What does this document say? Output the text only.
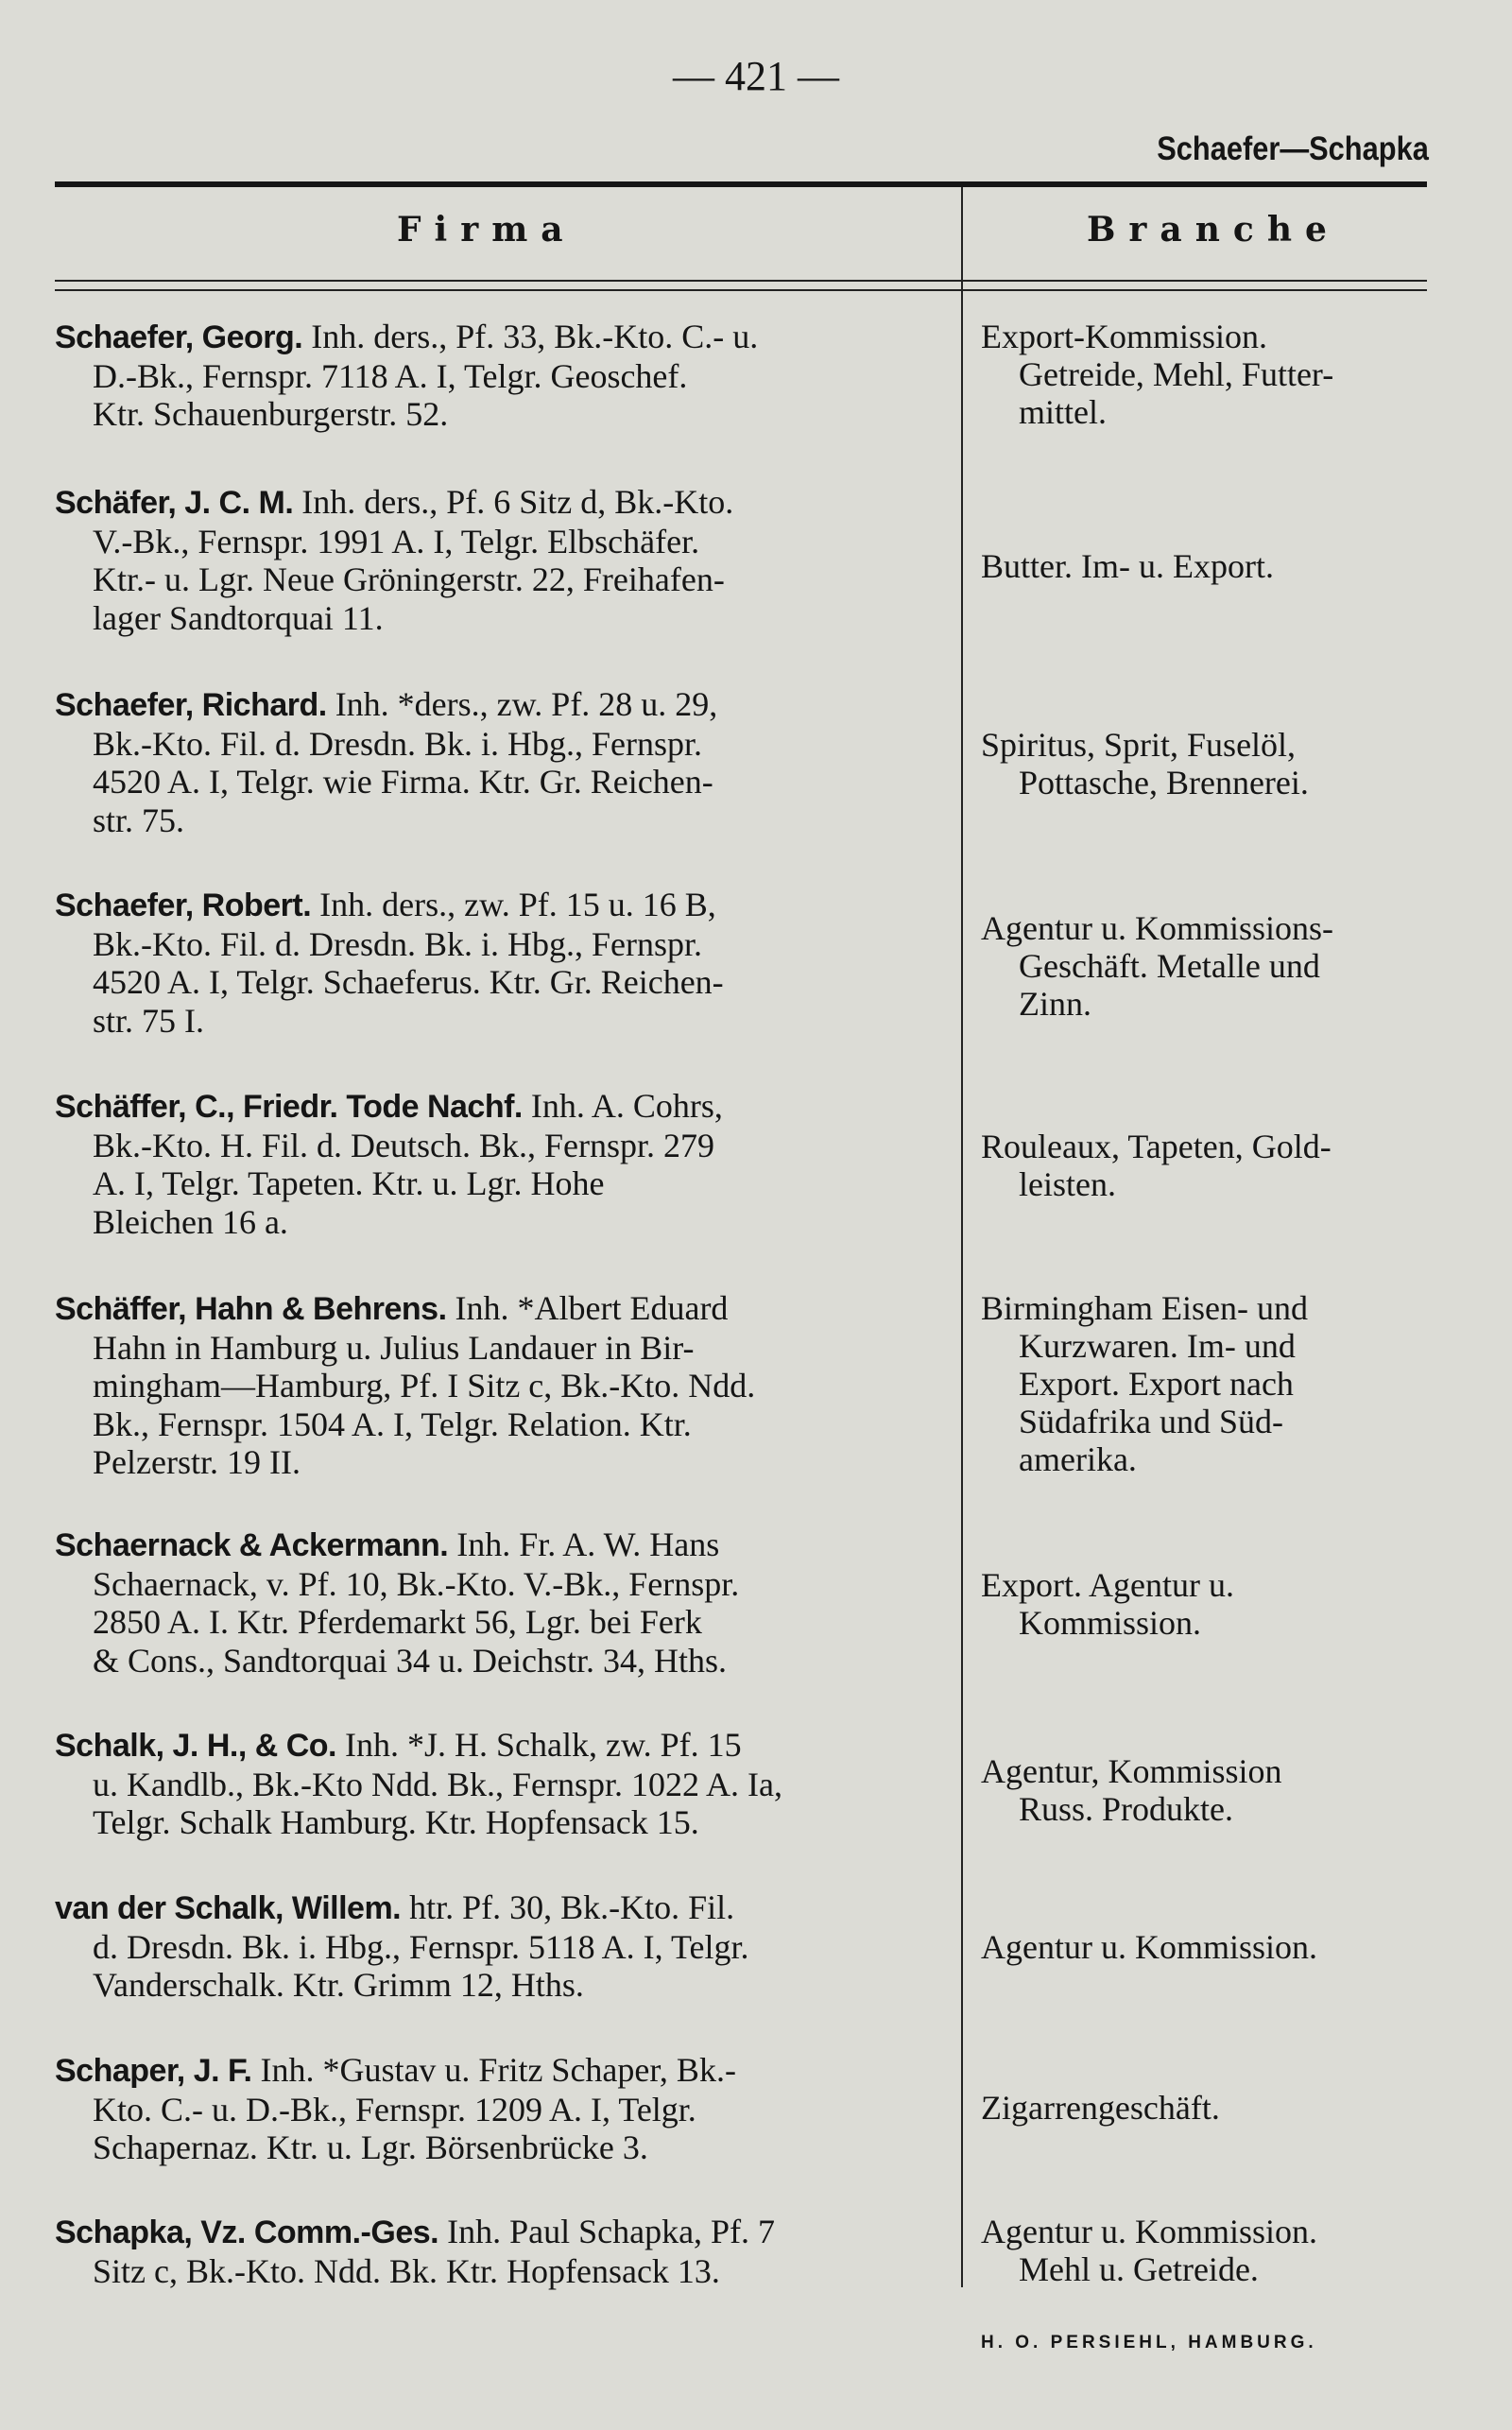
— 421 —
Schaefer—Schapka
Firma	Branche
Schaefer, Georg. Inh. ders., Pf. 33, Bk.-Kto. C.- u.
D.-Bk., Fernspr. 7118 A. I, Telgr. Geoschef.
Ktr. Schauenburgerstr. 52.
Export-Kommission.
Getreide, Mehl, Futter-
mittel.
Schäfer, J. C. M. Inh. ders., Pf. 6 Sitz d, Bk.-Kto.
V.-Bk., Fernspr. 1991 A. I, Telgr. Elbschäfer.
Ktr.- u. Lgr. Neue Gröningerstr. 22, Freihafen-
lager Sandtorquai 11.
Butter. Im- u. Export.
Schaefer, Richard. Inh. *ders., zw. Pf. 28 u. 29,
Bk.-Kto. Fil. d. Dresdn. Bk. i. Hbg., Fernspr.
4520 A. I, Telgr. wie Firma. Ktr. Gr. Reichen-
str. 75.
Spiritus, Sprit, Fuselöl,
Pottasche, Brennerei.
Schaefer, Robert. Inh. ders., zw. Pf. 15 u. 16 B,
Bk.-Kto. Fil. d. Dresdn. Bk. i. Hbg., Fernspr.
4520 A. I, Telgr. Schaeferus. Ktr. Gr. Reichen-
str. 75 I.
Agentur u. Kommissions-
Geschäft. Metalle und
Zinn.
Schäffer, C., Friedr. Tode Nachf. Inh. A. Cohrs,
Bk.-Kto. H. Fil. d. Deutsch. Bk., Fernspr. 279
A. I, Telgr. Tapeten. Ktr. u. Lgr. Hohe
Bleichen 16 a.
Rouleaux, Tapeten, Gold-
leisten.
Schäffer, Hahn & Behrens. Inh. *Albert Eduard
Hahn in Hamburg u. Julius Landauer in Bir-
mingham—Hamburg, Pf. I Sitz c, Bk.-Kto. Ndd.
Bk., Fernspr. 1504 A. I, Telgr. Relation. Ktr.
Pelzerstr. 19 II.
Birmingham Eisen- und
Kurzwaren. Im- und
Export. Export nach
Südafrika und Süd-
amerika.
Schaernack & Ackermann. Inh. Fr. A. W. Hans
Schaernack, v. Pf. 10, Bk.-Kto. V.-Bk., Fernspr.
2850 A. I. Ktr. Pferdemarkt 56, Lgr. bei Ferk
& Cons., Sandtorquai 34 u. Deichstr. 34, Hths.
Export. Agentur u.
Kommission.
Schalk, J. H., & Co. Inh. *J. H. Schalk, zw. Pf. 15
u. Kandlb., Bk.-Kto Ndd. Bk., Fernspr. 1022 A. Ia,
Telgr. Schalk Hamburg. Ktr. Hopfensack 15.
Agentur, Kommission
Russ. Produkte.
van der Schalk, Willem. htr. Pf. 30, Bk.-Kto. Fil.
d. Dresdn. Bk. i. Hbg., Fernspr. 5118 A. I, Telgr.
Vanderschalk. Ktr. Grimm 12, Hths.
Agentur u. Kommission.
Schaper, J. F. Inh. *Gustav u. Fritz Schaper, Bk.-
Kto. C.- u. D.-Bk., Fernspr. 1209 A. I, Telgr.
Schapernaz. Ktr. u. Lgr. Börsenbrücke 3.
Zigarrengeschäft.
Schapka, Vz. Comm.-Ges. Inh. Paul Schapka, Pf. 7
Sitz c, Bk.-Kto. Ndd. Bk. Ktr. Hopfensack 13.
Agentur u. Kommission.
Mehl u. Getreide.
H. O. PERSIEHL, HAMBURG.
